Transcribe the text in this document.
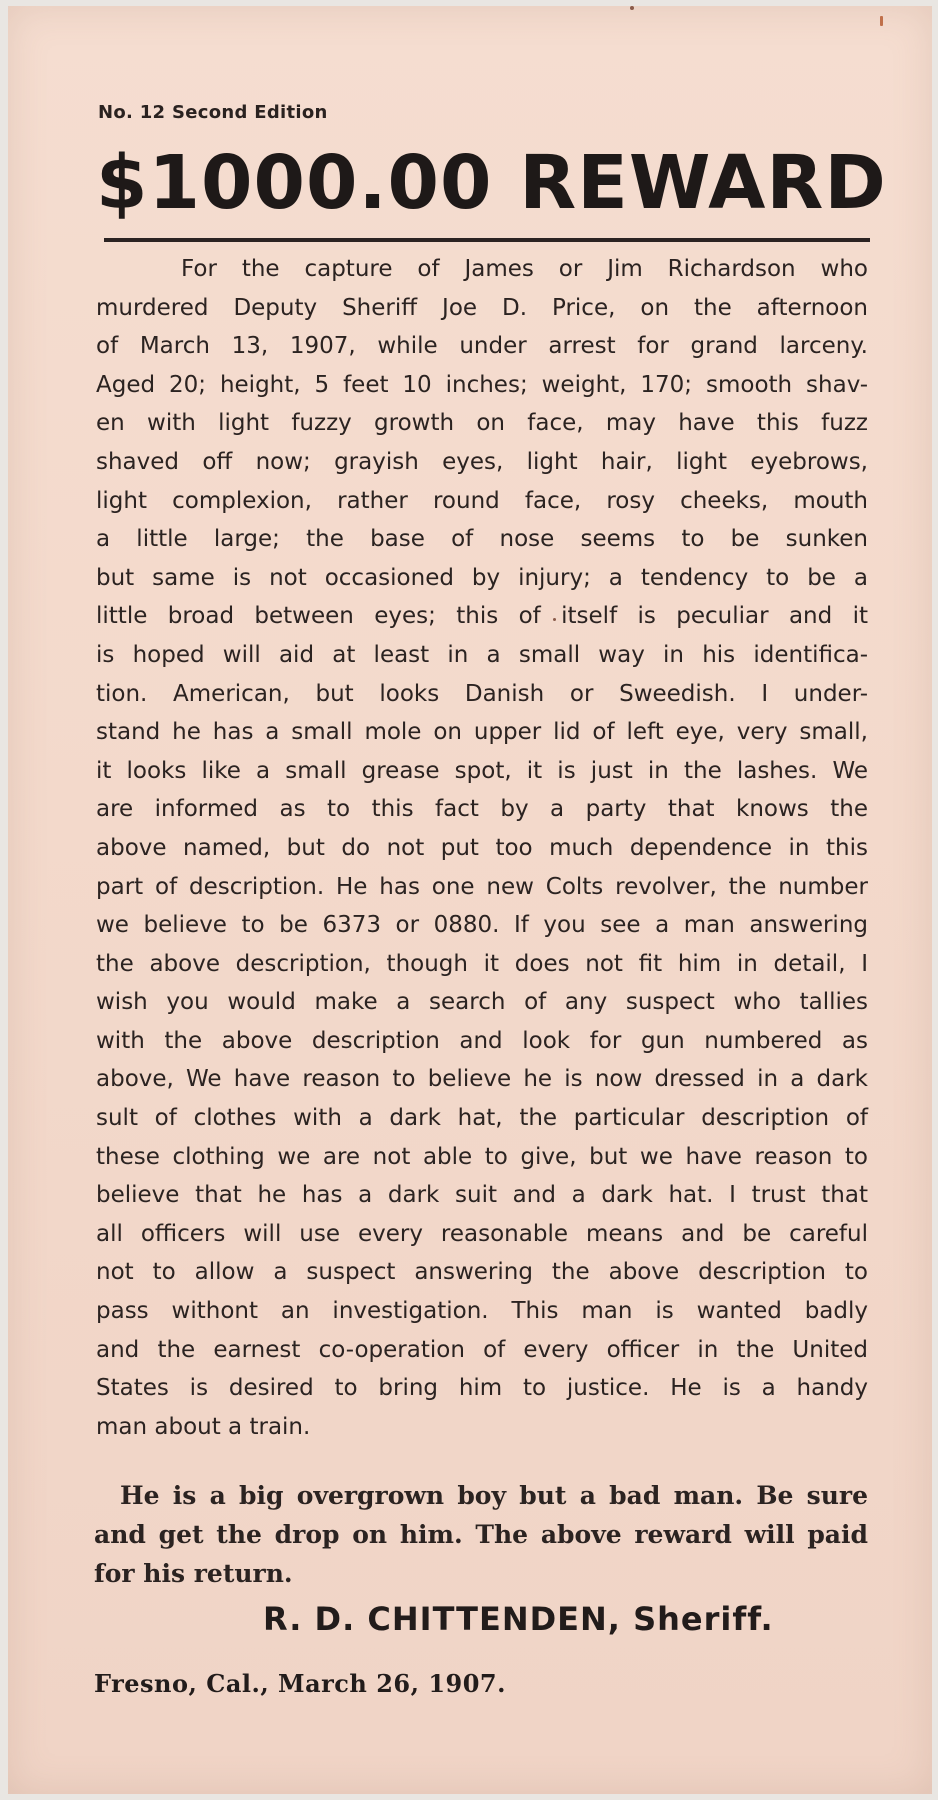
No. 12 Second Edition
$1000.00 REWARD
For the capture of James or Jim Richardson who
murdered Deputy Sheriff Joe D. Price, on the afternoon
of March 13, 1907, while under arrest for grand larceny.
Aged 20; height, 5 feet 10 inches; weight, 170; smooth shav-
en with light fuzzy growth on face, may have this fuzz
shaved off now; grayish eyes, light hair, light eyebrows,
light complexion, rather round face, rosy cheeks, mouth
a little large; the base of nose seems to be sunken
but same is not occasioned by injury; a tendency to be a
little broad between eyes; this of itself is peculiar and it
is hoped will aid at least in a small way in his identifica-
tion. American, but looks Danish or Sweedish. I under-
stand he has a small mole on upper lid of left eye, very small,
it looks like a small grease spot, it is just in the lashes. We
are informed as to this fact by a party that knows the
above named, but do not put too much dependence in this
part of description. He has one new Colts revolver, the number
we believe to be 6373 or 0880. If you see a man answering
the above description, though it does not fit him in detail, I
wish you would make a search of any suspect who tallies
with the above description and look for gun numbered as
above, We have reason to believe he is now dressed in a dark
sult of clothes with a dark hat, the particular description of
these clothing we are not able to give, but we have reason to
believe that he has a dark suit and a dark hat. I trust that
all officers will use every reasonable means and be careful
not to allow a suspect answering the above description to
pass withont an investigation. This man is wanted badly
and the earnest co-operation of every officer in the United
States is desired to bring him to justice. He is a handy
man about a train.
He is a big overgrown boy but a bad man. Be sure
and get the drop on him. The above reward will paid
for his return.
R. D. CHITTENDEN, Sheriff.
Fresno, Cal., March 26, 1907.
